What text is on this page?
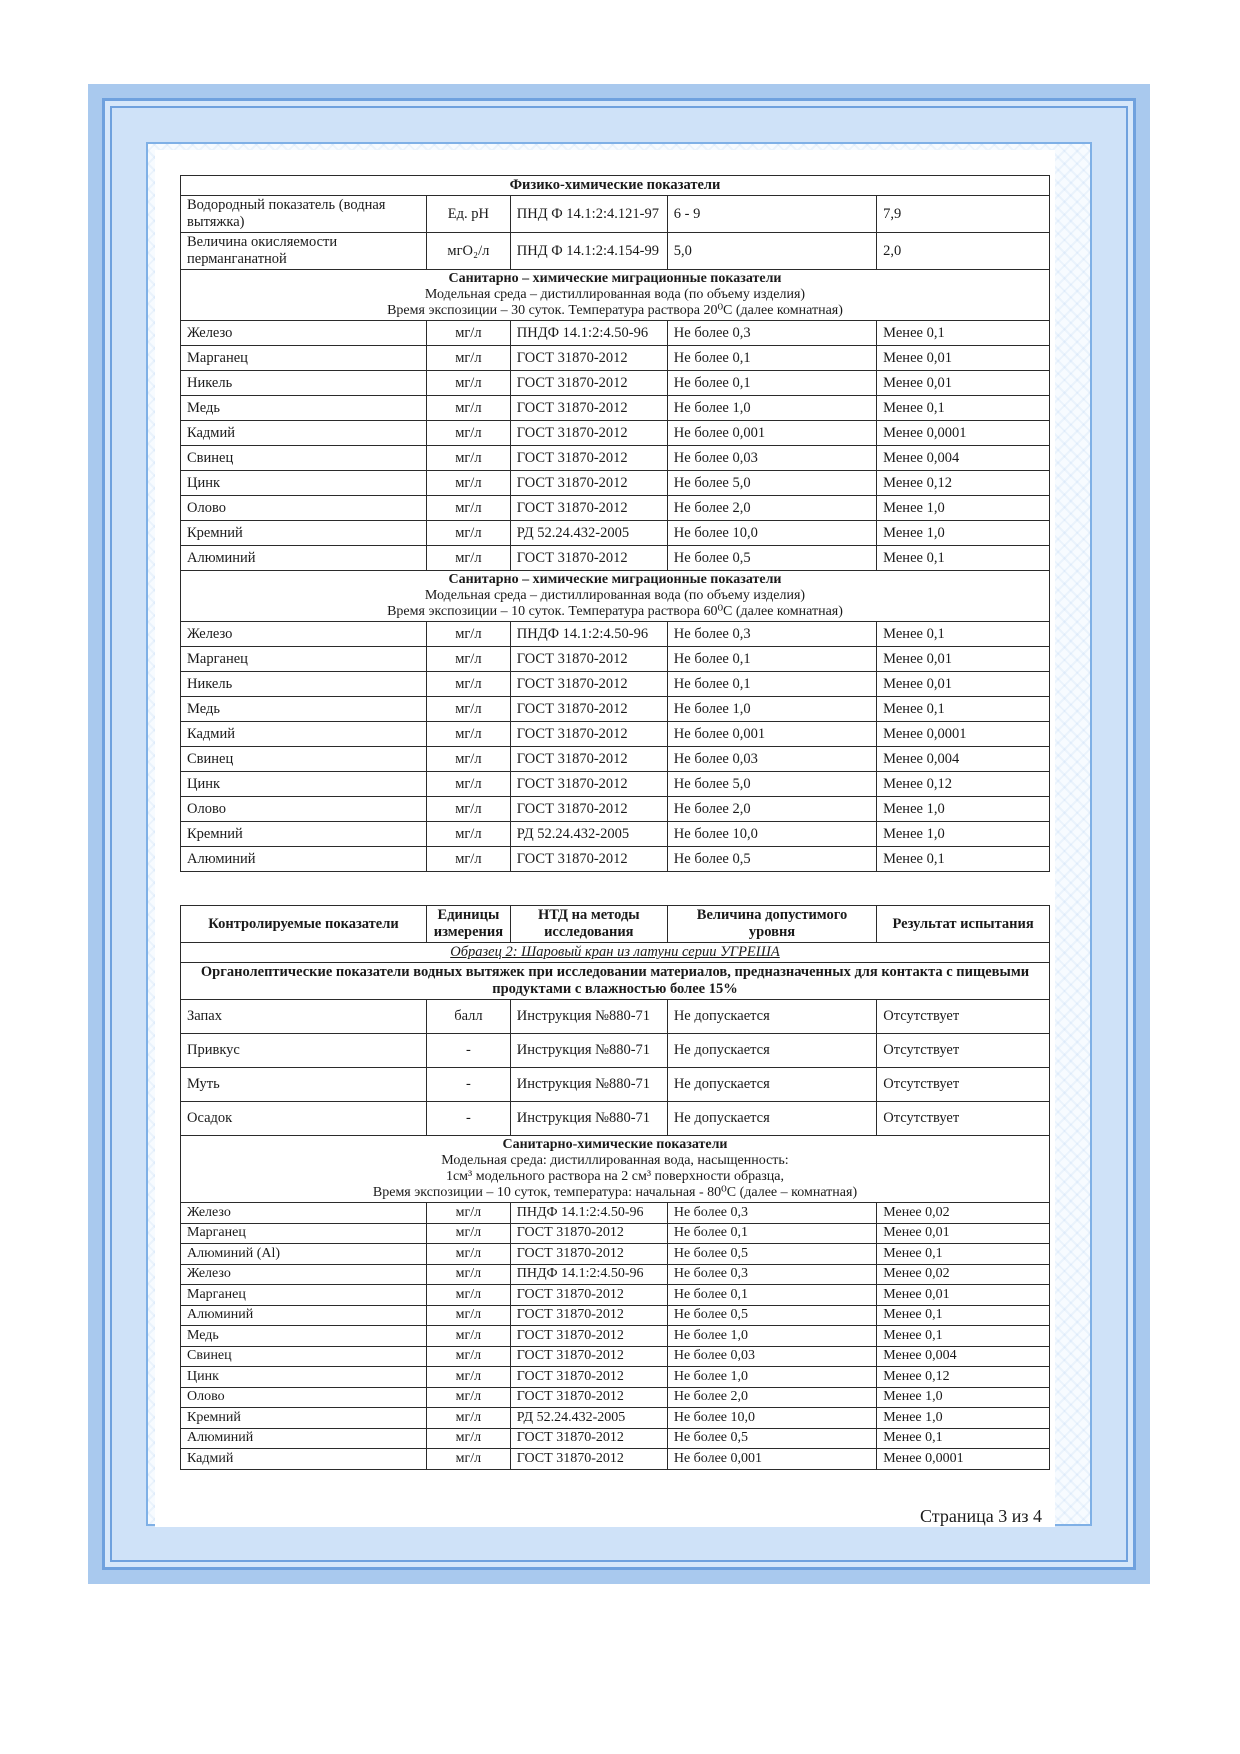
Физико-химические показатели				
Водородный показатель (водная вытяжка)	Ед. pH	ПНД Ф 14.1:2:4.121-97	6 - 9	7,9
Величина окисляемости перманганатной	мгО₂/л	ПНД Ф 14.1:2:4.154-99	5,0	2,0

Санитарно – химические миграционные показатели
Модельная среда – дистиллированная вода (по объему изделия)
Время экспозиции – 30 суток. Температура раствора 20⁰С (далее комнатная)				

Железо	мг/л	ПНДФ 14.1:2:4.50-96	Не более 0,3	Менее 0,1
Марганец	мг/л	ГОСТ 31870-2012	Не более 0,1	Менее 0,01
Никель	мг/л	ГОСТ 31870-2012	Не более 0,1	Менее 0,01
Медь	мг/л	ГОСТ 31870-2012	Не более 1,0	Менее 0,1
Кадмий	мг/л	ГОСТ 31870-2012	Не более 0,001	Менее 0,0001
Свинец	мг/л	ГОСТ 31870-2012	Не более 0,03	Менее 0,004
Цинк	мг/л	ГОСТ 31870-2012	Не более 5,0	Менее 0,12
Олово	мг/л	ГОСТ 31870-2012	Не более 2,0	Менее 1,0
Кремний	мг/л	РД 52.24.432-2005	Не более 10,0	Менее 1,0
Алюминий	мг/л	ГОСТ 31870-2012	Не более 0,5	Менее 0,1

Санитарно – химические миграционные показатели
Модельная среда – дистиллированная вода (по объему изделия)
Время экспозиции – 10 суток. Температура раствора 60⁰С (далее комнатная)				

Железо	мг/л	ПНДФ 14.1:2:4.50-96	Не более 0,3	Менее 0,1
Марганец	мг/л	ГОСТ 31870-2012	Не более 0,1	Менее 0,01
Никель	мг/л	ГОСТ 31870-2012	Не более 0,1	Менее 0,01
Медь	мг/л	ГОСТ 31870-2012	Не более 1,0	Менее 0,1
Кадмий	мг/л	ГОСТ 31870-2012	Не более 0,001	Менее 0,0001
Свинец	мг/л	ГОСТ 31870-2012	Не более 0,03	Менее 0,004
Цинк	мг/л	ГОСТ 31870-2012	Не более 5,0	Менее 0,12
Олово	мг/л	ГОСТ 31870-2012	Не более 2,0	Менее 1,0
Кремний	мг/л	РД 52.24.432-2005	Не более 10,0	Менее 1,0
Алюминий	мг/л	ГОСТ 31870-2012	Не более 0,5	Менее 0,1
Контролируемые показатели	Единицы измерения	НТД на методы исследования	Величина допустимого уровня	Результат испытания
Образец 2: Шаровый кран из латуни серии УГРЕША				
Органолептические показатели водных вытяжек при исследовании материалов, предназначенных для контакта с пищевыми продуктами с влажностью более 15%				
Запах	балл	Инструкция №880-71	Не допускается	Отсутствует
Привкус	-	Инструкция №880-71	Не допускается	Отсутствует
Муть	-	Инструкция №880-71	Не допускается	Отсутствует
Осадок	-	Инструкция №880-71	Не допускается	Отсутствует

Санитарно-химические показатели
Модельная среда: дистиллированная вода, насыщенность:
1см³ модельного раствора на 2 см³ поверхности образца,
Время экспозиции – 10 суток, температура: начальная - 80⁰С (далее – комнатная)				

Железо	мг/л	ПНДФ 14.1:2:4.50-96	Не более 0,3	Менее 0,02
Марганец	мг/л	ГОСТ 31870-2012	Не более 0,1	Менее 0,01
Алюминий (Al)	мг/л	ГОСТ 31870-2012	Не более 0,5	Менее 0,1
Железо	мг/л	ПНДФ 14.1:2:4.50-96	Не более 0,3	Менее 0,02
Марганец	мг/л	ГОСТ 31870-2012	Не более 0,1	Менее 0,01
Алюминий	мг/л	ГОСТ 31870-2012	Не более 0,5	Менее 0,1
Медь	мг/л	ГОСТ 31870-2012	Не более 1,0	Менее 0,1
Свинец	мг/л	ГОСТ 31870-2012	Не более 0,03	Менее 0,004
Цинк	мг/л	ГОСТ 31870-2012	Не более 1,0	Менее 0,12
Олово	мг/л	ГОСТ 31870-2012	Не более 2,0	Менее 1,0
Кремний	мг/л	РД 52.24.432-2005	Не более 10,0	Менее 1,0
Алюминий	мг/л	ГОСТ 31870-2012	Не более 0,5	Менее 0,1
Кадмий	мг/л	ГОСТ 31870-2012	Не более 0,001	Менее 0,0001
Страница 3 из 4
